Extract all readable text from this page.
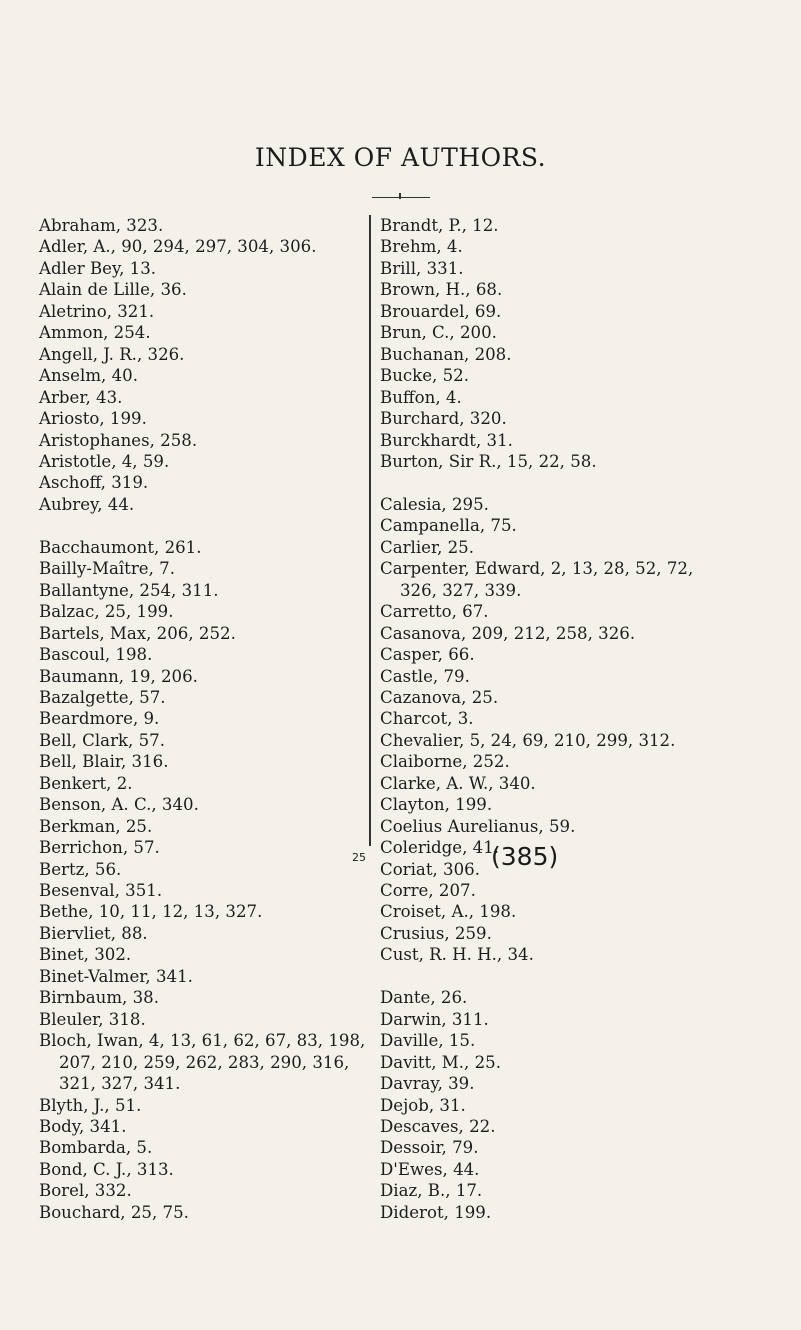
INDEX OF AUTHORS.
Abraham, 323.
Adler, A., 90, 294, 297, 304, 306.
Adler Bey, 13.
Alain de Lille, 36.
Aletrino, 321.
Ammon, 254.
Angell, J. R., 326.
Anselm, 40.
Arber, 43.
Ariosto, 199.
Aristophanes, 258.
Aristotle, 4, 59.
Aschoff, 319.
Aubrey, 44.
Bacchaumont, 261.
Bailly-Maître, 7.
Ballantyne, 254, 311.
Balzac, 25, 199.
Bartels, Max, 206, 252.
Bascoul, 198.
Baumann, 19, 206.
Bazalgette, 57.
Beardmore, 9.
Bell, Clark, 57.
Bell, Blair, 316.
Benkert, 2.
Benson, A. C., 340.
Berkman, 25.
Berrichon, 57.
Bertz, 56.
Besenval, 351.
Bethe, 10, 11, 12, 13, 327.
Biervliet, 88.
Binet, 302.
Binet-Valmer, 341.
Birnbaum, 38.
Bleuler, 318.
Bloch, Iwan, 4, 13, 61, 62, 67, 83, 198,
207, 210, 259, 262, 283, 290, 316,
321, 327, 341.
Blyth, J., 51.
Body, 341.
Bombarda, 5.
Bond, C. J., 313.
Borel, 332.
Bouchard, 25, 75.
Brandt, P., 12.
Brehm, 4.
Brill, 331.
Brown, H., 68.
Brouardel, 69.
Brun, C., 200.
Buchanan, 208.
Bucke, 52.
Buffon, 4.
Burchard, 320.
Burckhardt, 31.
Burton, Sir R., 15, 22, 58.
Calesia, 295.
Campanella, 75.
Carlier, 25.
Carpenter, Edward, 2, 13, 28, 52, 72,
326, 327, 339.
Carretto, 67.
Casanova, 209, 212, 258, 326.
Casper, 66.
Castle, 79.
Cazanova, 25.
Charcot, 3.
Chevalier, 5, 24, 69, 210, 299, 312.
Claiborne, 252.
Clarke, A. W., 340.
Clayton, 199.
Coelius Aurelianus, 59.
Coleridge, 41.
Coriat, 306.
Corre, 207.
Croiset, A., 198.
Crusius, 259.
Cust, R. H. H., 34.
Dante, 26.
Darwin, 311.
Daville, 15.
Davitt, M., 25.
Davray, 39.
Dejob, 31.
Descaves, 22.
Dessoir, 79.
D'Ewes, 44.
Diaz, B., 17.
Diderot, 199.
25	(385)
